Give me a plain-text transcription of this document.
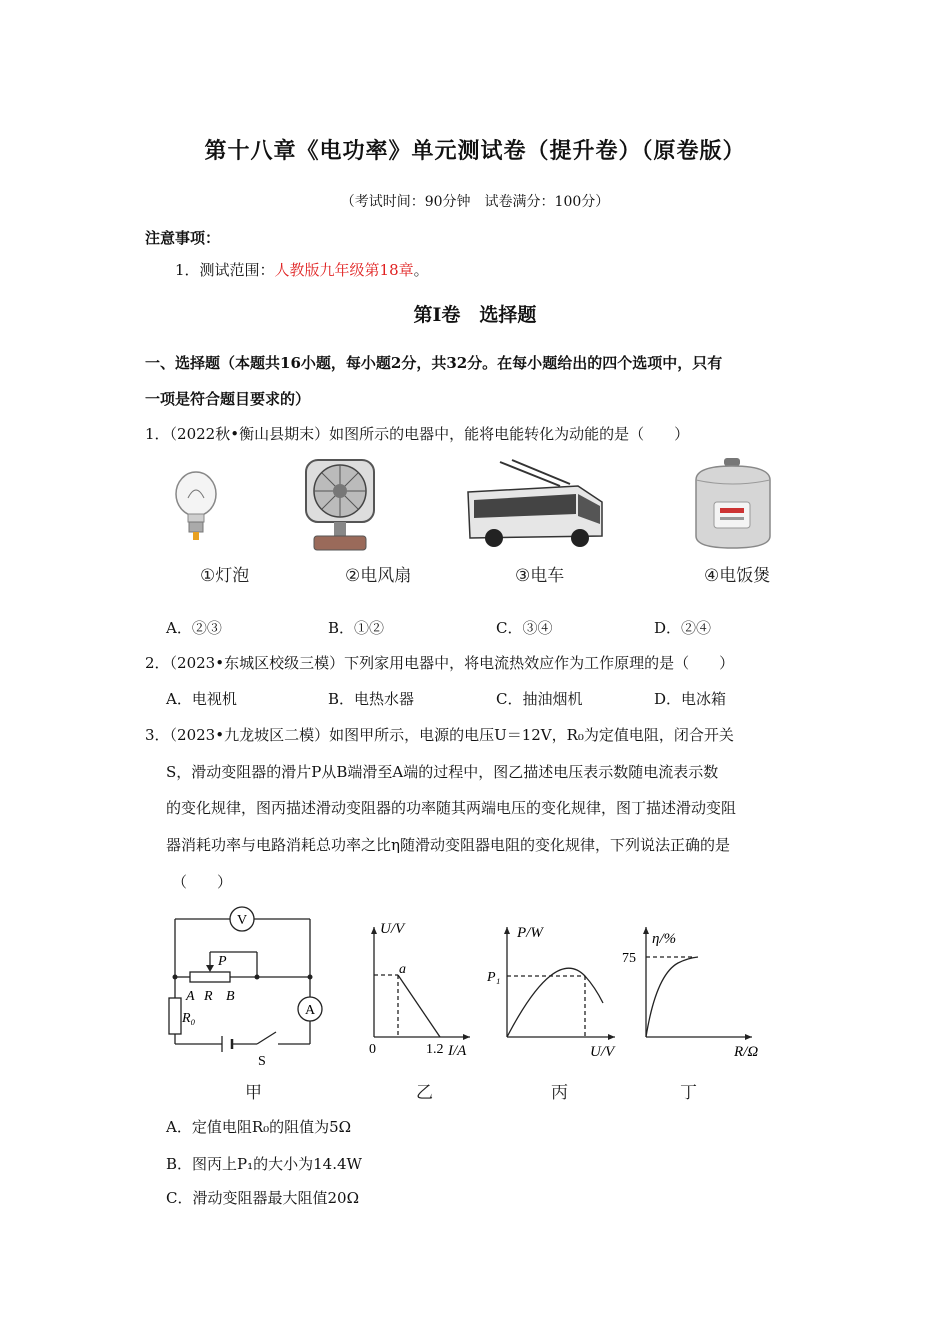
第十八章《电功率》单元测试卷（提升卷）（原卷版）
（考试时间：90分钟　试卷满分：100分）
注意事项：
1．测试范围：人教版九年级第18章。
第Ⅰ卷　选择题
一、选择题（本题共16小题，每小题2分，共32分。在每小题给出的四个选项中，只有
一项是符合题目要求的）
1．（2022秋•衡山县期末）如图所示的电器中，能将电能转化为动能的是（　　）
①灯泡	②电风扇	③电车	④电饭煲
A．②③	B．①②	C．③④	D．②④
2．（2023•东城区校级三模）下列家用电器中，将电流热效应作为工作原理的是（　　）
A．电视机	B．电热水器	C．抽油烟机	D．电冰箱
3．（2023•九龙坡区二模）如图甲所示，电源的电压U＝12V，R₀为定值电阻，闭合开关
S，滑动变阻器的滑片P从B端滑至A端的过程中，图乙描述电压表示数随电流表示数
的变化规律，图丙描述滑动变阻器的功率随其两端电压的变化规律，图丁描述滑动变阻
器消耗功率与电路消耗总功率之比η随滑动变阻器电阻的变化规律，下列说法正确的是
（　　）
V
A
P
A R B
R₀
S
U/V
a
0	1.2 I/A
P/W
P₁
U/V
η/%
75
R/Ω
甲	乙	丙	丁
A．定值电阻R₀的阻值为5Ω
B．图丙上P₁的大小为14.4W
C．滑动变阻器最大阻值20Ω
